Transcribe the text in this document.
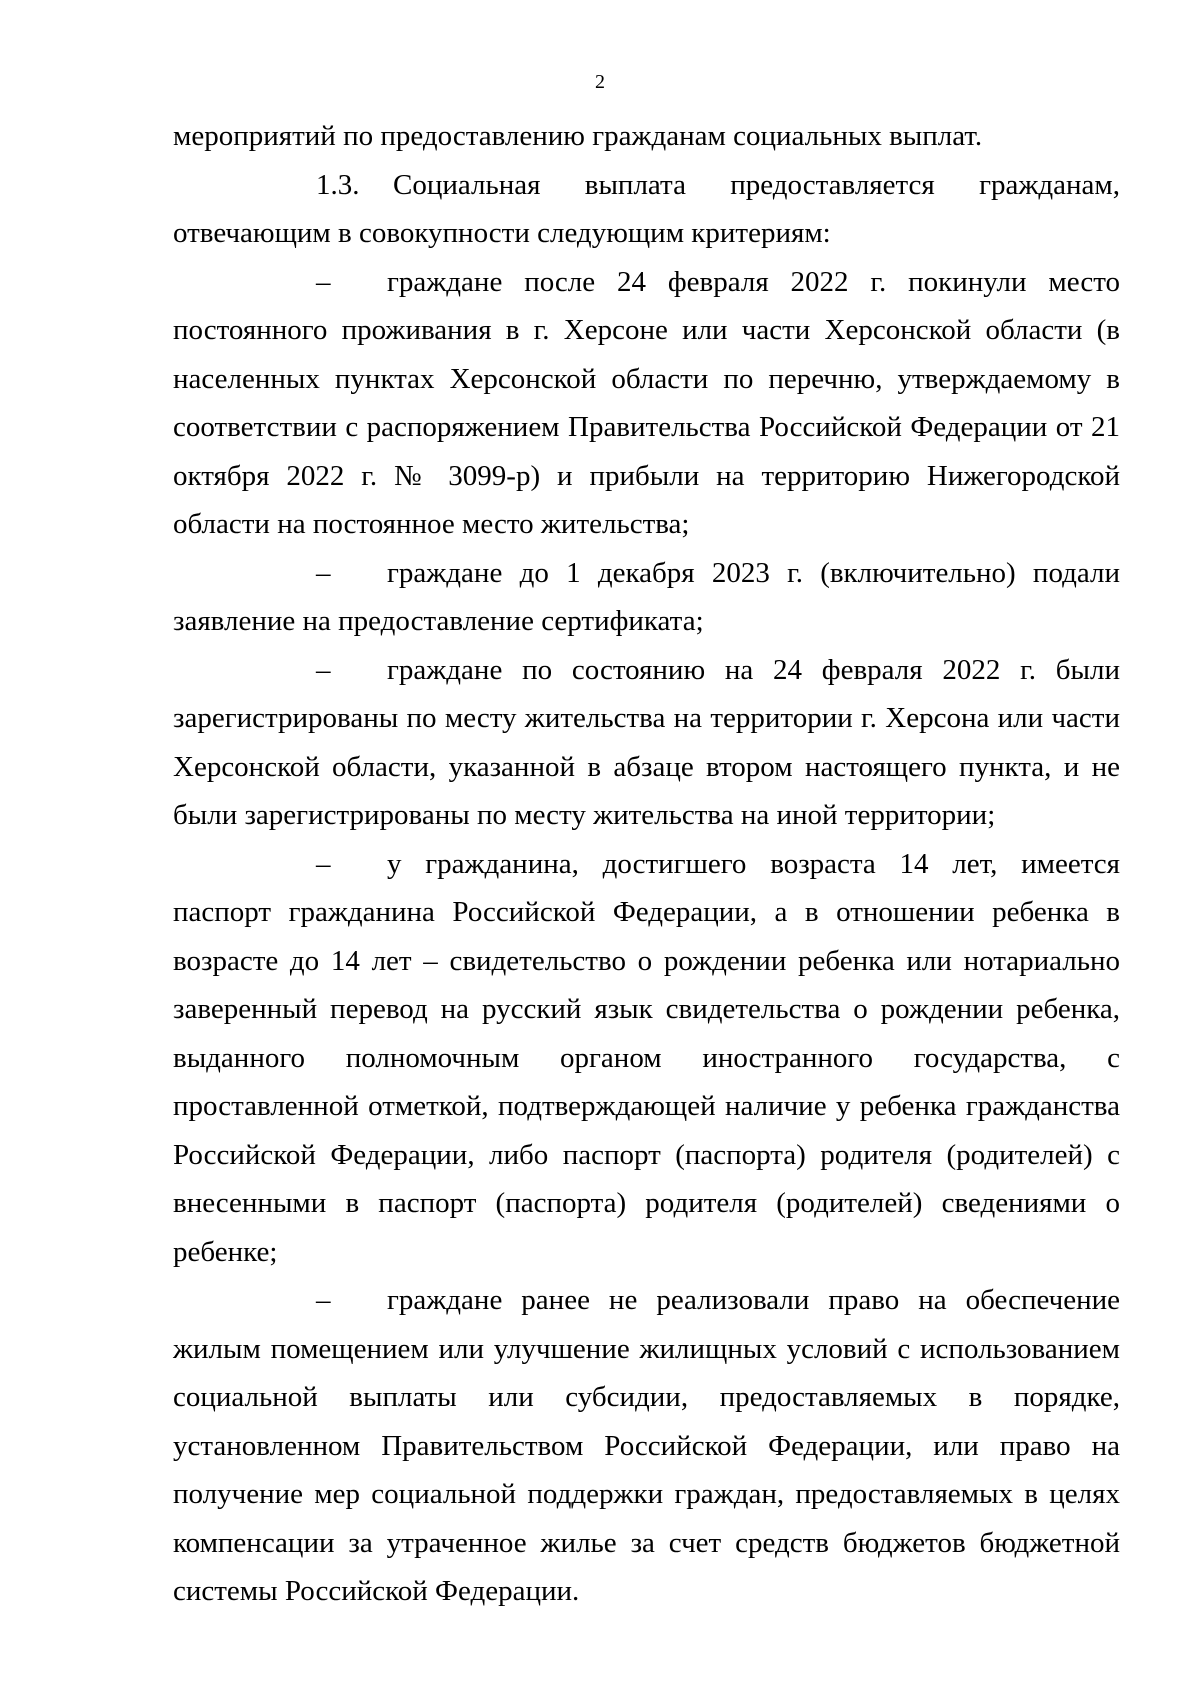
2

мероприятий по предоставлению гражданам социальных выплат.

1.3. Социальная выплата предоставляется гражданам, отвечающим в совокупности следующим критериям:

– граждане после 24 февраля 2022 г. покинули место постоянного проживания в г. Херсоне или части Херсонской области (в населенных пунктах Херсонской области по перечню, утверждаемому в соответствии с распоряжением Правительства Российской Федерации от 21 октября 2022 г. № 3099-р) и прибыли на территорию Нижегородской области на постоянное место жительства;

– граждане до 1 декабря 2023 г. (включительно) подали заявление на предоставление сертификата;

– граждане по состоянию на 24 февраля 2022 г. были зарегистрированы по месту жительства на территории г. Херсона или части Херсонской области, указанной в абзаце втором настоящего пункта, и не были зарегистрированы по месту жительства на иной территории;

– у гражданина, достигшего возраста 14 лет, имеется паспорт гражданина Российской Федерации, а в отношении ребенка в возрасте до 14 лет – свидетельство о рождении ребенка или нотариально заверенный перевод на русский язык свидетельства о рождении ребенка, выданного полномочным органом иностранного государства, с проставленной отметкой, подтверждающей наличие у ребенка гражданства Российской Федерации, либо паспорт (паспорта) родителя (родителей) с внесенными в паспорт (паспорта) родителя (родителей) сведениями о ребенке;

– граждане ранее не реализовали право на обеспечение жилым помещением или улучшение жилищных условий с использованием социальной выплаты или субсидии, предоставляемых в порядке, установленном Правительством Российской Федерации, или право на получение мер социальной поддержки граждан, предоставляемых в целях компенсации за утраченное жилье за счет средств бюджетов бюджетной системы Российской Федерации.
